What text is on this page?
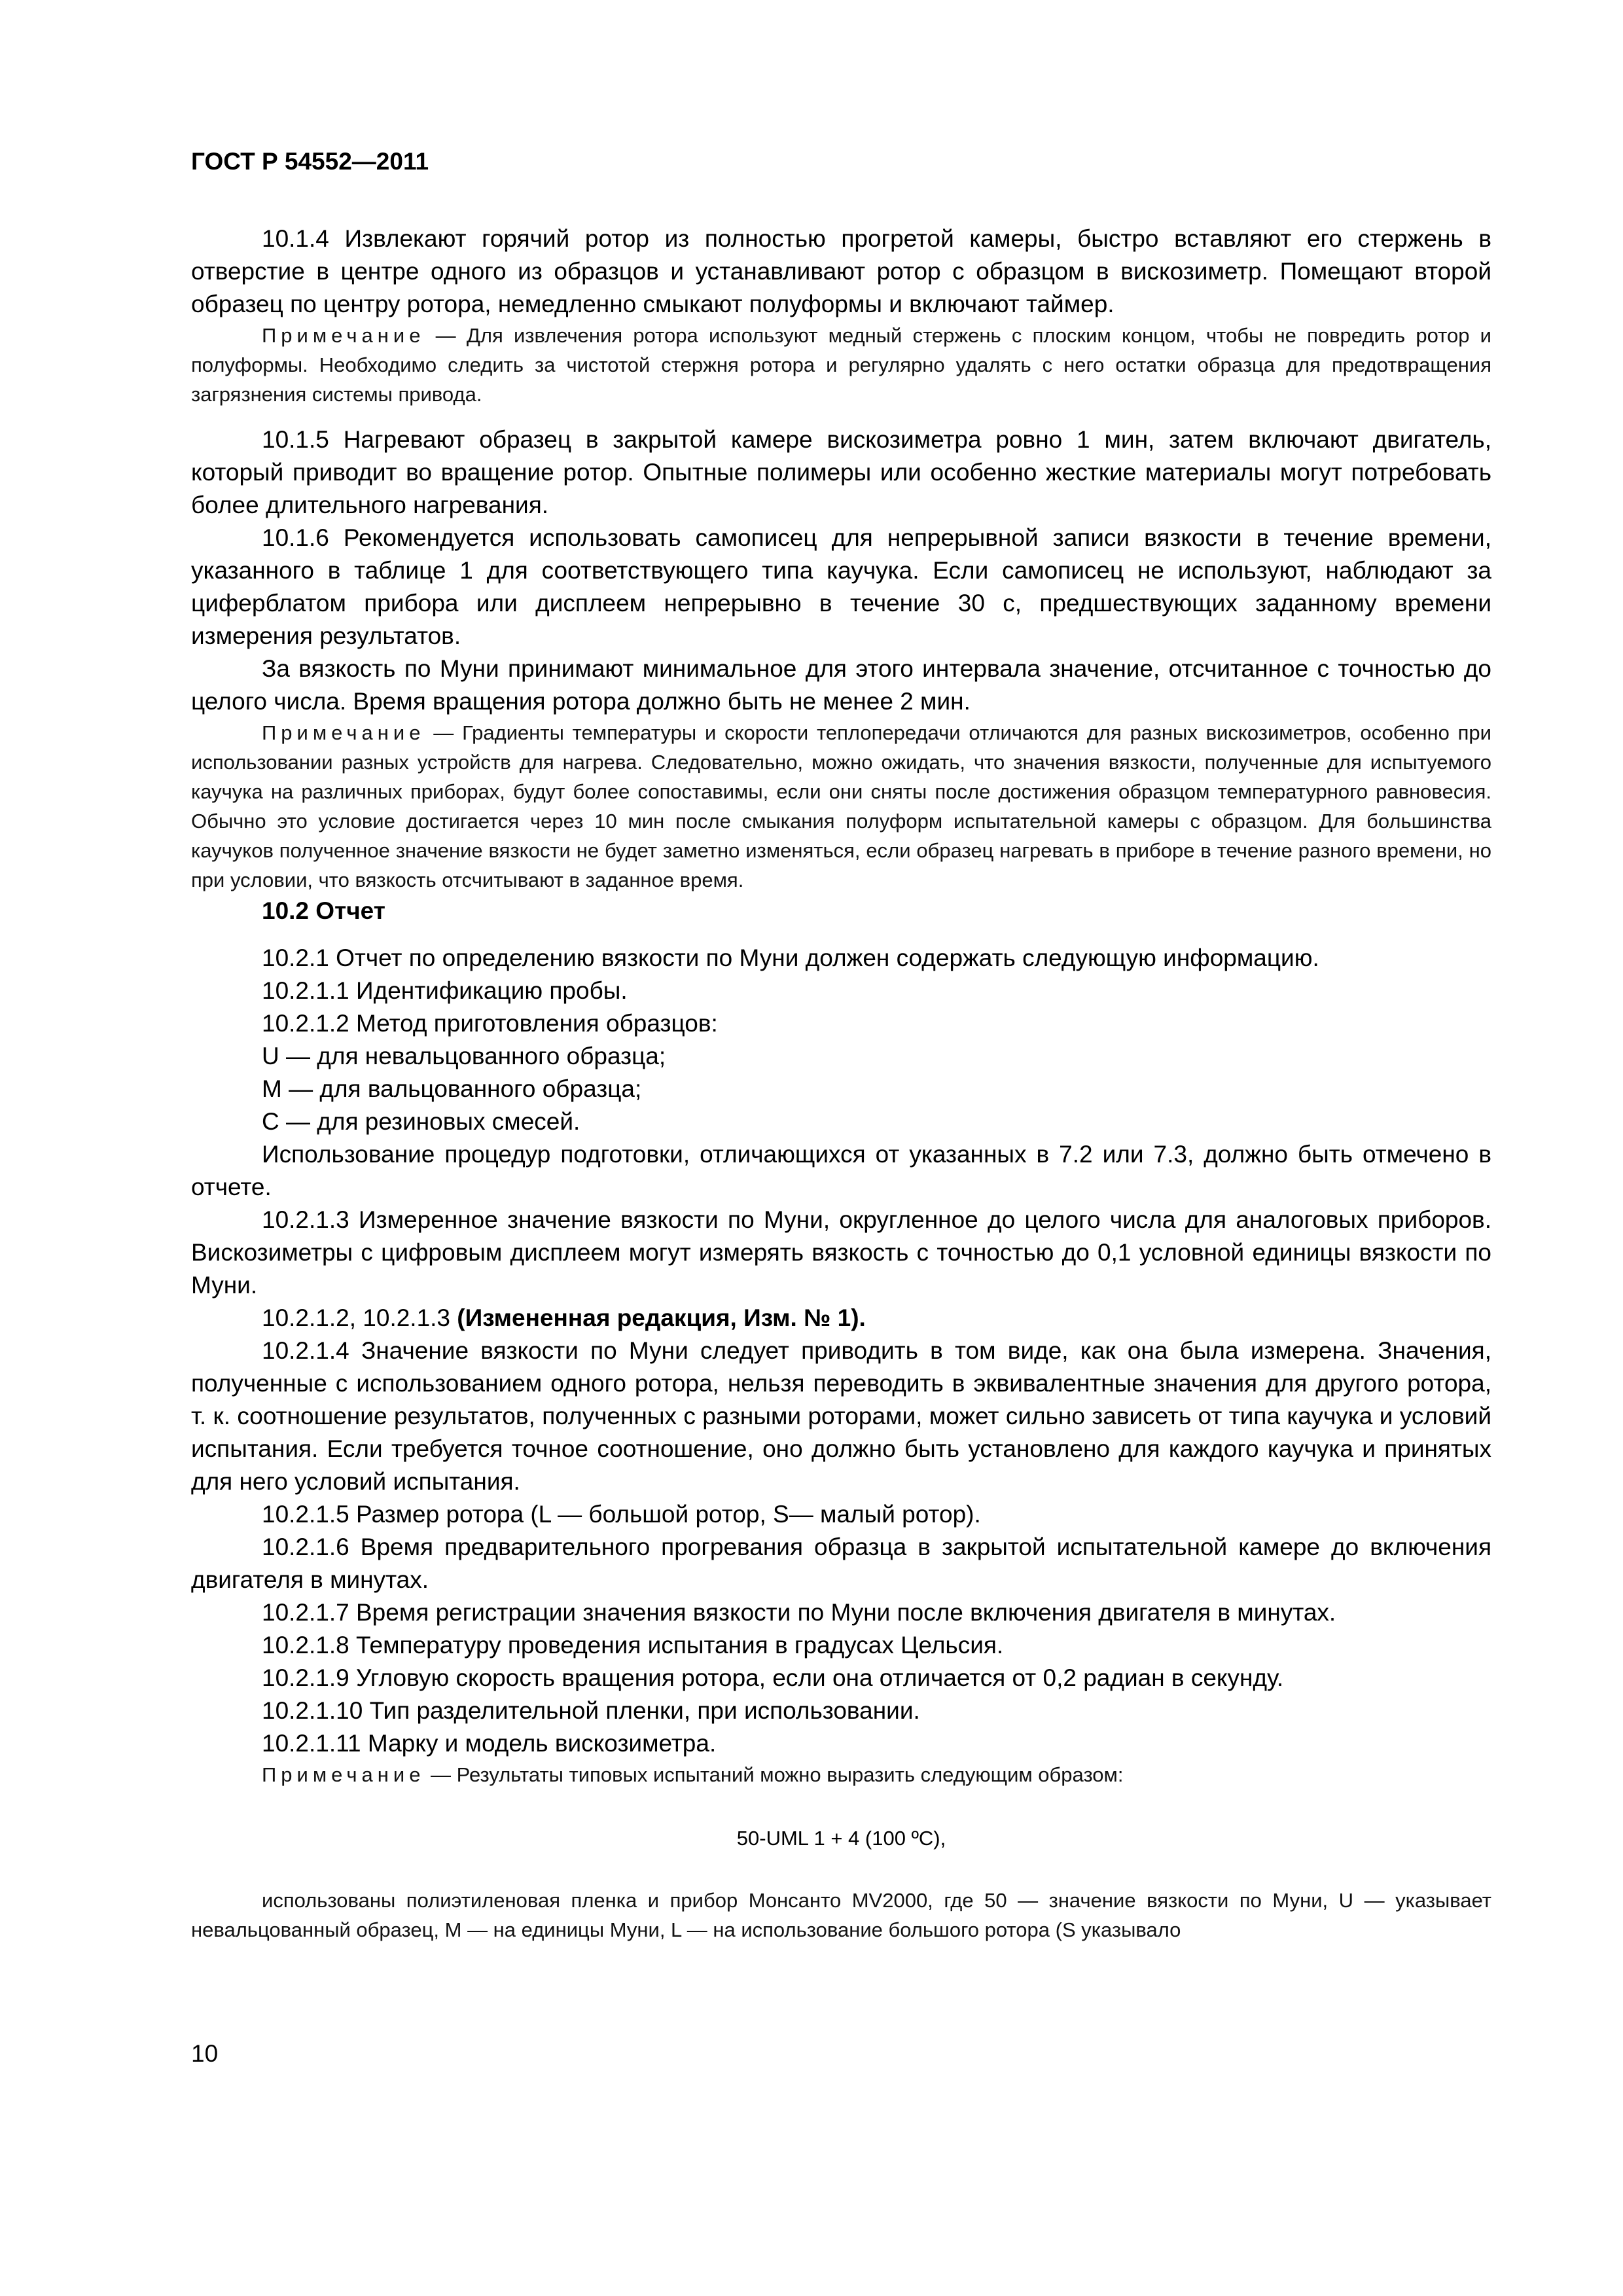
ГОСТ Р 54552—2011

10.1.4 Извлекают горячий ротор из полностью прогретой камеры, быстро вставляют его стержень в отверстие в центре одного из образцов и устанавливают ротор с образцом в вискозиметр. Помещают второй образец по центру ротора, немедленно смыкают полуформы и включают таймер.

Примечание — Для извлечения ротора используют медный стержень с плоским концом, чтобы не повредить ротор и полуформы. Необходимо следить за чистотой стержня ротора и регулярно удалять с него остатки образца для предотвращения загрязнения системы привода.

10.1.5 Нагревают образец в закрытой камере вискозиметра ровно 1 мин, затем включают двигатель, который приводит во вращение ротор. Опытные полимеры или особенно жесткие материалы могут потребовать более длительного нагревания.

10.1.6 Рекомендуется использовать самописец для непрерывной записи вязкости в течение времени, указанного в таблице 1 для соответствующего типа каучука. Если самописец не используют, наблюдают за циферблатом прибора или дисплеем непрерывно в течение 30 с, предшествующих заданному времени измерения результатов.

За вязкость по Муни принимают минимальное для этого интервала значение, отсчитанное с точностью до целого числа. Время вращения ротора должно быть не менее 2 мин.

Примечание — Градиенты температуры и скорости теплопередачи отличаются для разных вискозиметров, особенно при использовании разных устройств для нагрева. Следовательно, можно ожидать, что значения вязкости, полученные для испытуемого каучука на различных приборах, будут более сопоставимы, если они сняты после достижения образцом температурного равновесия. Обычно это условие достигается через 10 мин после смыкания полуформ испытательной камеры с образцом. Для большинства каучуков полученное значение вязкости не будет заметно изменяться, если образец нагревать в приборе в течение разного времени, но при условии, что вязкость отсчитывают в заданное время.

10.2 Отчет

10.2.1 Отчет по определению вязкости по Муни должен содержать следующую информацию.

10.2.1.1 Идентификацию пробы.

10.2.1.2 Метод приготовления образцов:

U — для невальцованного образца;

M — для вальцованного образца;

C — для резиновых смесей.

Использование процедур подготовки, отличающихся от указанных в 7.2 или 7.3, должно быть отмечено в отчете.

10.2.1.3 Измеренное значение вязкости по Муни, округленное до целого числа для аналоговых приборов. Вискозиметры с цифровым дисплеем могут измерять вязкость с точностью до 0,1 условной единицы вязкости по Муни.

10.2.1.2, 10.2.1.3 (Измененная редакция, Изм. № 1).

10.2.1.4 Значение вязкости по Муни следует приводить в том виде, как она была измерена. Значения, полученные с использованием одного ротора, нельзя переводить в эквивалентные значения для другого ротора, т. к. соотношение результатов, полученных с разными роторами, может сильно зависеть от типа каучука и условий испытания. Если требуется точное соотношение, оно должно быть установлено для каждого каучука и принятых для него условий испытания.

10.2.1.5 Размер ротора (L — большой ротор, S— малый ротор).

10.2.1.6 Время предварительного прогревания образца в закрытой испытательной камере до включения двигателя в минутах.

10.2.1.7 Время регистрации значения вязкости по Муни после включения двигателя в минутах.

10.2.1.8 Температуру проведения испытания в градусах Цельсия.

10.2.1.9 Угловую скорость вращения ротора, если она отличается от 0,2 радиан в секунду.

10.2.1.10 Тип разделительной пленки, при использовании.

10.2.1.11 Марку и модель вискозиметра.

Примечание — Результаты типовых испытаний можно выразить следующим образом:

50-UML 1 + 4 (100 ºС),

использованы полиэтиленовая пленка и прибор Монсанто MV2000, где 50 — значение вязкости по Муни, U — указывает невальцованный образец, M — на единицы Муни, L — на использование большого ротора (S указывало

10
